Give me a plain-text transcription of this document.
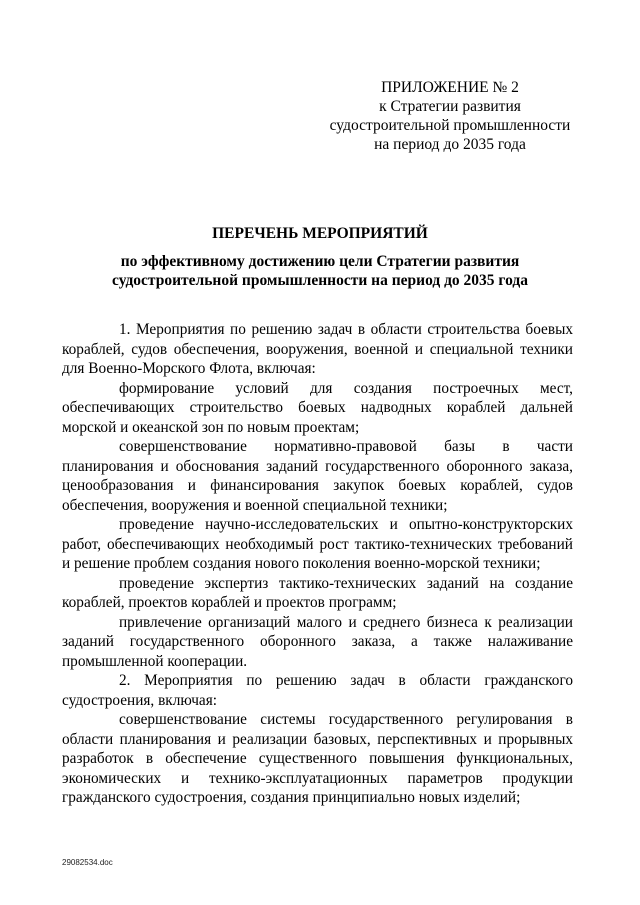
ПРИЛОЖЕНИЕ № 2
к Стратегии развития
судостроительной промышленности
на период до 2035 года
ПЕРЕЧЕНЬ МЕРОПРИЯТИЙ
по эффективному достижению цели Стратегии развития
судостроительной промышленности на период до 2035 года

1. Мероприятия по решению задач в области строительства боевых кораблей, судов обеспечения, вооружения, военной и специальной техники для Военно-Морского Флота, включая:

формирование условий для создания построечных мест, обеспечивающих строительство боевых надводных кораблей дальней морской и океанской зон по новым проектам;

совершенствование нормативно-правовой базы в части планирования и обоснования заданий государственного оборонного заказа, ценообразования и финансирования закупок боевых кораблей, судов обеспечения, вооружения и военной специальной техники;

проведение научно-исследовательских и опытно-конструкторских работ, обеспечивающих необходимый рост тактико-технических требований и решение проблем создания нового поколения военно-морской техники;

проведение экспертиз тактико-технических заданий на создание кораблей, проектов кораблей и проектов программ;

привлечение организаций малого и среднего бизнеса к реализации заданий государственного оборонного заказа, а также налаживание промышленной кооперации.

2. Мероприятия по решению задач в области гражданского судостроения, включая:

совершенствование системы государственного регулирования в области планирования и реализации базовых, перспективных и прорывных разработок в обеспечение существенного повышения функциональных, экономических и технико-эксплуатационных параметров продукции гражданского судостроения, создания принципиально новых изделий;

29082534.doc
